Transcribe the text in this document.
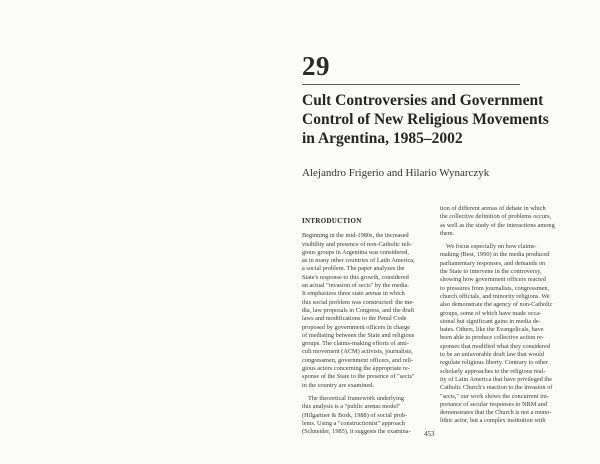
29
Cult Controversies and Government
Control of New Religious Movements
in Argentina, 1985–2002
Alejandro Frigerio and Hilario Wynarczyk
INTRODUCTION
Beginning in the mid-1980s, the increased
visibility and presence of non-Catholic reli-
gious groups in Argentina was considered,
as in many other countries of Latin America,
a social problem. The paper analyzes the
State's response to this growth, considered
an actual "invasion of sects" by the media.
It emphasizes three state arenas in which
this social problem was constructed: the me-
dia, law proposals in Congress, and the draft
laws and modifications to the Penal Code
proposed by government officers in charge
of mediating between the State and religious
groups. The claims-making efforts of anti-
cult movement (ACM) activists, journalists,
congressmen, government officers, and reli-
gious actors concerning the appropriate re-
sponse of the State to the presence of "sects"
in the country are examined.
The theoretical framework underlying
this analysis is a "public arenas model"
(Hilgartner & Bosk, 1988) of social prob-
lems. Using a "constructionist" approach
(Schneider, 1985), it suggests the examina-
tion of different arenas of debate in which
the collective definition of problems occurs,
as well as the study of the interactions among
them.
We focus especially on how claims-
making (Best, 1990) in the media produced
parliamentary responses, and demands on
the State to intervene in the controversy,
showing how government officers reacted
to pressures from journalists, congressmen,
church officials, and minority religions. We
also demonstrate the agency of non-Catholic
groups, some of which have made occa-
sional but significant gains in media de-
bates. Others, like the Evangelicals, have
been able to produce collective action re-
sponses that modified what they considered
to be an unfavorable draft law that would
regulate religious liberty. Contrary to other
scholarly approaches to the religious real-
ity of Latin America that have privileged the
Catholic Church's reaction to the invasion of
"sects," our work shows the concurrent im-
portance of secular responses to NRM and
demonstrates that the Church is not a mono-
lithic actor, but a complex institution with
453
